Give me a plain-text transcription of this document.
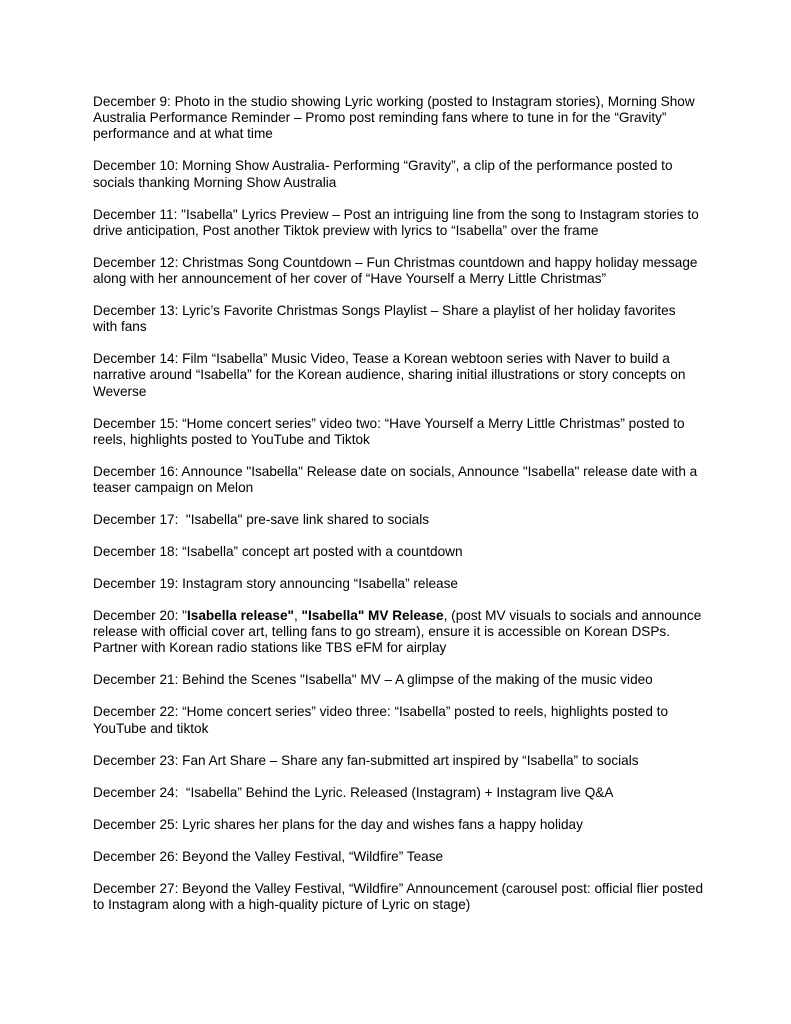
December 9: Photo in the studio showing Lyric working (posted to Instagram stories), Morning Show Australia Performance Reminder – Promo post reminding fans where to tune in for the “Gravity” performance and at what time

December 10: Morning Show Australia- Performing “Gravity”, a clip of the performance posted to socials thanking Morning Show Australia

December 11: "Isabella" Lyrics Preview – Post an intriguing line from the song to Instagram stories to drive anticipation, Post another Tiktok preview with lyrics to “Isabella” over the frame

December 12: Christmas Song Countdown – Fun Christmas countdown and happy holiday message along with her announcement of her cover of “Have Yourself a Merry Little Christmas”

December 13: Lyric’s Favorite Christmas Songs Playlist – Share a playlist of her holiday favorites with fans

December 14: Film “Isabella” Music Video, Tease a Korean webtoon series with Naver to build a narrative around “Isabella” for the Korean audience, sharing initial illustrations or story concepts on Weverse

December 15: “Home concert series” video two: “Have Yourself a Merry Little Christmas” posted to reels, highlights posted to YouTube and Tiktok

December 16: Announce "Isabella" Release date on socials, Announce "Isabella" release date with a teaser campaign on Melon

December 17:  "Isabella" pre-save link shared to socials

December 18: “Isabella” concept art posted with a countdown

December 19: Instagram story announcing “Isabella” release

December 20: "Isabella release", "Isabella" MV Release, (post MV visuals to socials and announce release with official cover art, telling fans to go stream), ensure it is accessible on Korean DSPs. Partner with Korean radio stations like TBS eFM for airplay

December 21: Behind the Scenes "Isabella" MV – A glimpse of the making of the music video

December 22: “Home concert series” video three: “Isabella” posted to reels, highlights posted to YouTube and tiktok

December 23: Fan Art Share – Share any fan-submitted art inspired by “Isabella” to socials

December 24:  “Isabella” Behind the Lyric. Released (Instagram) + Instagram live Q&A

December 25: Lyric shares her plans for the day and wishes fans a happy holiday

December 26: Beyond the Valley Festival, “Wildfire” Tease

December 27: Beyond the Valley Festival, “Wildfire” Announcement (carousel post: official flier posted to Instagram along with a high-quality picture of Lyric on stage)
